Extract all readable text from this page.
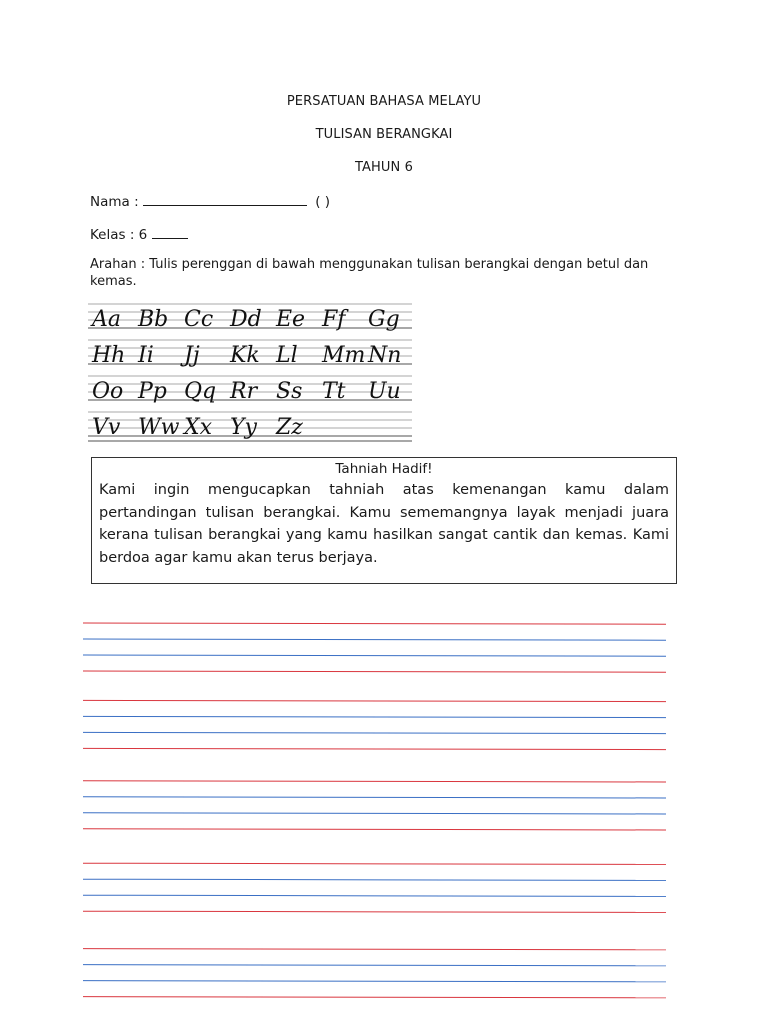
PERSATUAN BAHASA MELAYU
TULISAN BERANGKAI
TAHUN 6
Nama :	( )
Kelas : 6
Arahan : Tulis perenggan di bawah menggunakan tulisan berangkai dengan betul dan kemas.
Aa Bb Cc Dd Ee Ff Gg
Hh Ii Jj Kk Ll Mm Nn
Oo Pp Qq Rr Ss Tt Uu
Vv Ww Xx Yy Zz
Tahniah Hadif!
Kami ingin mengucapkan tahniah atas kemenangan kamu dalam pertandingan tulisan berangkai. Kamu sememangnya layak menjadi juara kerana tulisan berangkai yang kamu hasilkan sangat cantik dan kemas. Kami berdoa agar kamu akan terus berjaya.
